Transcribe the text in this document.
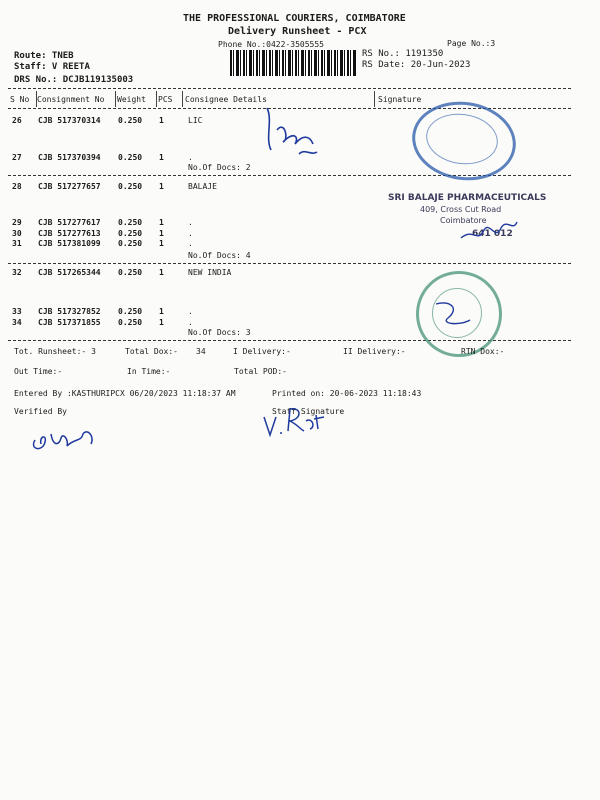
THE PROFESSIONAL COURIERS, COIMBATORE
Delivery Runsheet - PCX
Phone No.:0422-3505555	Page No.:3
Route: TNEB
Staff: V REETA
DRS No.: DCJB119135003
RS No.: 1191350
RS Date: 20-Jun-2023
S No Consignment No Weight PCS Consignee Details	Signature
26 CJB 517370314 0.250 1	LIC
27 CJB 517370394 0.250 1	.
No.Of Docs: 2
28 CJB 517277657 0.250 1	BALAJE
29 CJB 517277617 0.250 1	.
30 CJB 517277613 0.250 1	.
31 CJB 517381099 0.250 1	.
No.Of Docs: 4
32 CJB 517265344 0.250 1	NEW INDIA
33 CJB 517327852 0.250 1	.
34 CJB 517371855 0.250 1	.
No.Of Docs: 3
SRI BALAJE PHARMACEUTICALS
409, Cross Cut Road
Coimbatore
641 012
Tot. Runsheet:- 3	Total Dox:- 34	I Delivery:-	II Delivery:-	RTN Dox:-
Out Time:-	In Time:-	Total POD:-
Entered By :KASTHURIPCX 06/20/2023 11:18:37 AM	Printed on: 20-06-2023 11:18:43
Verified By	Staff Signature
